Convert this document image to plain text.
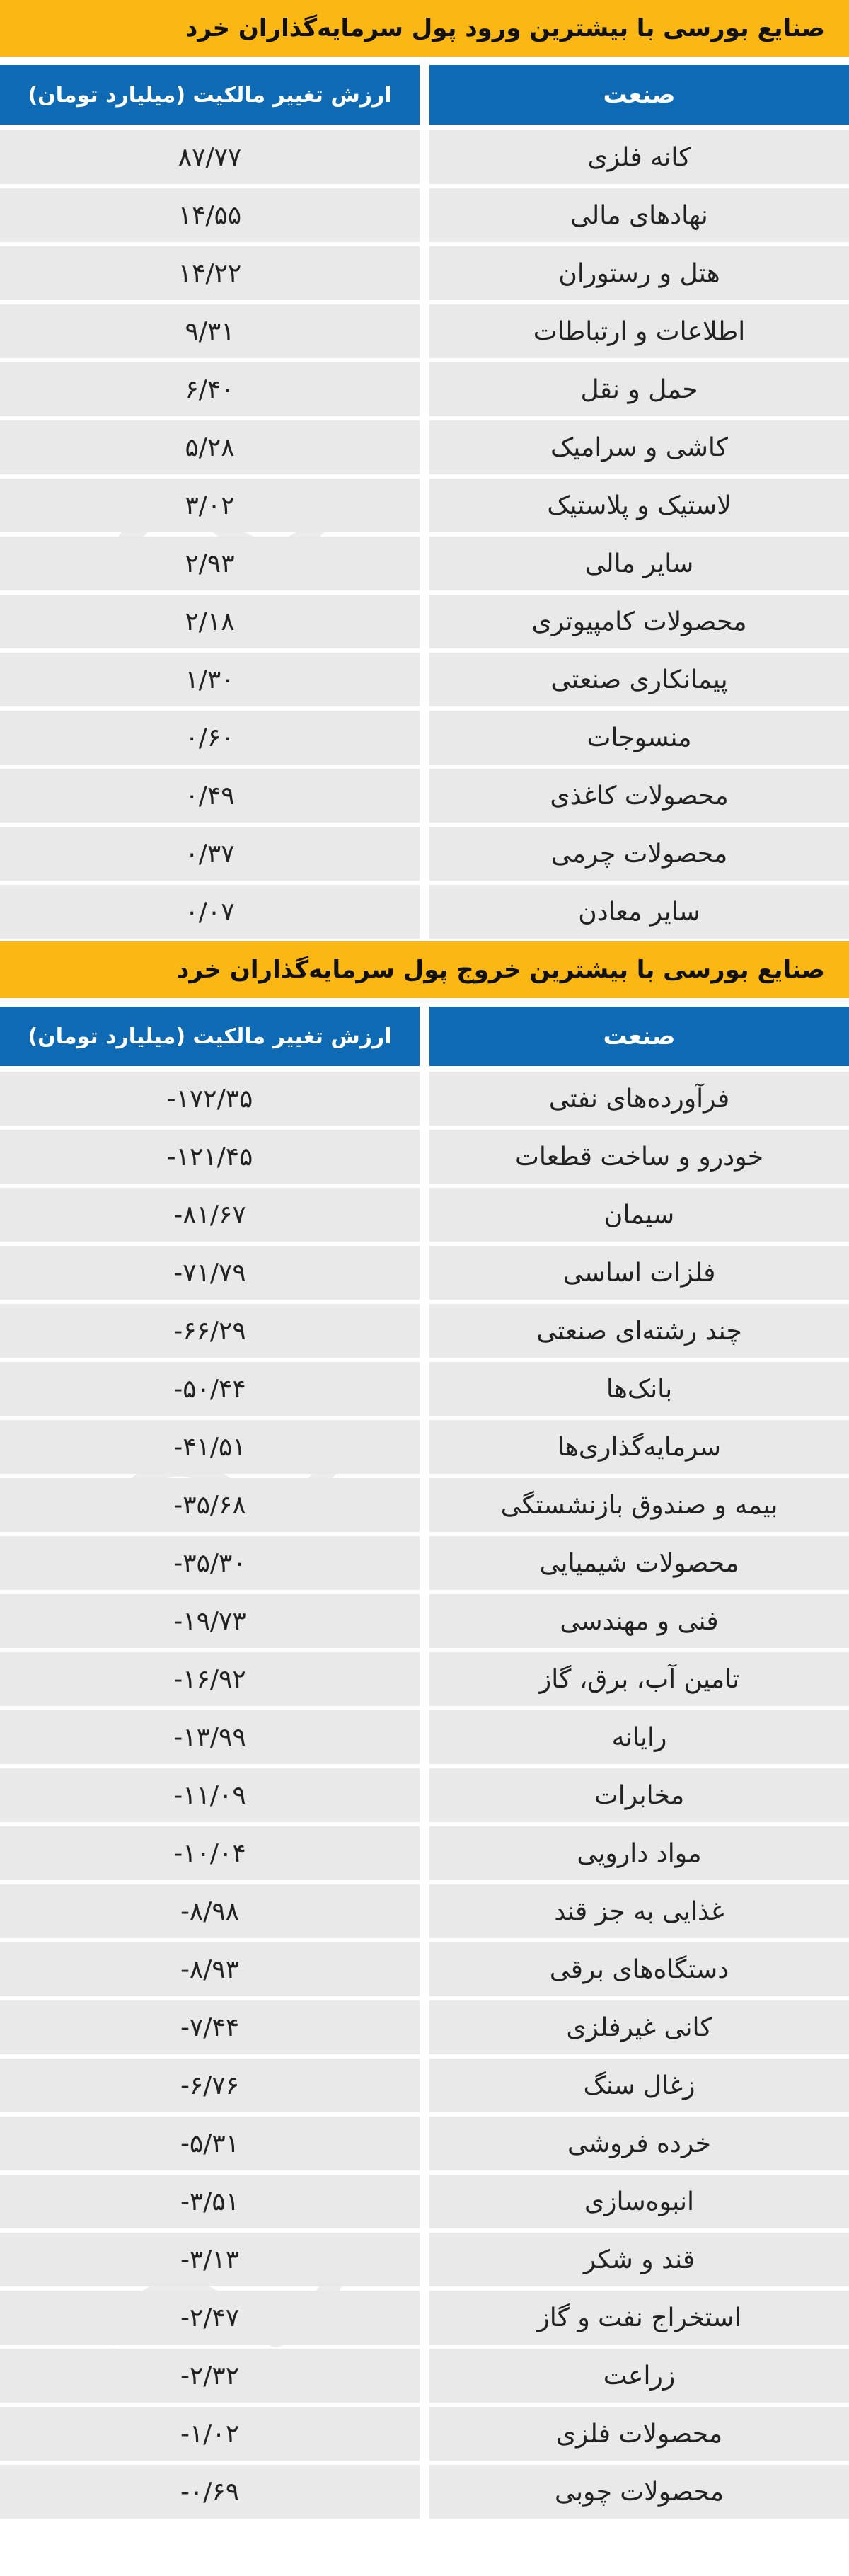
صنایع بورسی با بیشترین ورود پول سرمایه‌گذاران خرد
صنعت
ارزش تغییر مالکیت (میلیارد تومان)
کانه فلزی
۸۷/۷۷
نهادهای مالی
۱۴/۵۵
هتل و رستوران
۱۴/۲۲
اطلاعات و ارتباطات
۹/۳۱
حمل و نقل
۶/۴۰
کاشی و سرامیک
۵/۲۸
لاستیک و پلاستیک
۳/۰۲
سایر مالی
۲/۹۳
محصولات کامپیوتری
۲/۱۸
پیمانکاری صنعتی
۱/۳۰
منسوجات
۰/۶۰
محصولات کاغذی
۰/۴۹
محصولات چرمی
۰/۳۷
سایر معادن
۰/۰۷
صنایع بورسی با بیشترین خروج پول سرمایه‌گذاران خرد
صنعت
ارزش تغییر مالکیت (میلیارد تومان)
فرآورده‌های نفتی
-۱۷۲/۳۵
خودرو و ساخت قطعات
-۱۲۱/۴۵
سیمان
-۸۱/۶۷
فلزات اساسی
-۷۱/۷۹
چند رشته‌ای صنعتی
-۶۶/۲۹
بانک‌ها
-۵۰/۴۴
سرمایه‌گذاری‌ها
-۴۱/۵۱
بیمه و صندوق بازنشستگی
-۳۵/۶۸
محصولات شیمیایی
-۳۵/۳۰
فنی و مهندسی
-۱۹/۷۳
تامین آب، برق، گاز
-۱۶/۹۲
رایانه
-۱۳/۹۹
مخابرات
-۱۱/۰۹
مواد دارویی
-۱۰/۰۴
غذایی به جز قند
-۸/۹۸
دستگاه‌های برقی
-۸/۹۳
کانی غیرفلزی
-۷/۴۴
زغال سنگ
-۶/۷۶
خرده فروشی
-۵/۳۱
انبوه‌سازی
-۳/۵۱
قند و شکر
-۳/۱۳
استخراج نفت و گاز
-۲/۴۷
زراعت
-۲/۳۲
محصولات فلزی
-۱/۰۲
محصولات چوبی
-۰/۶۹
